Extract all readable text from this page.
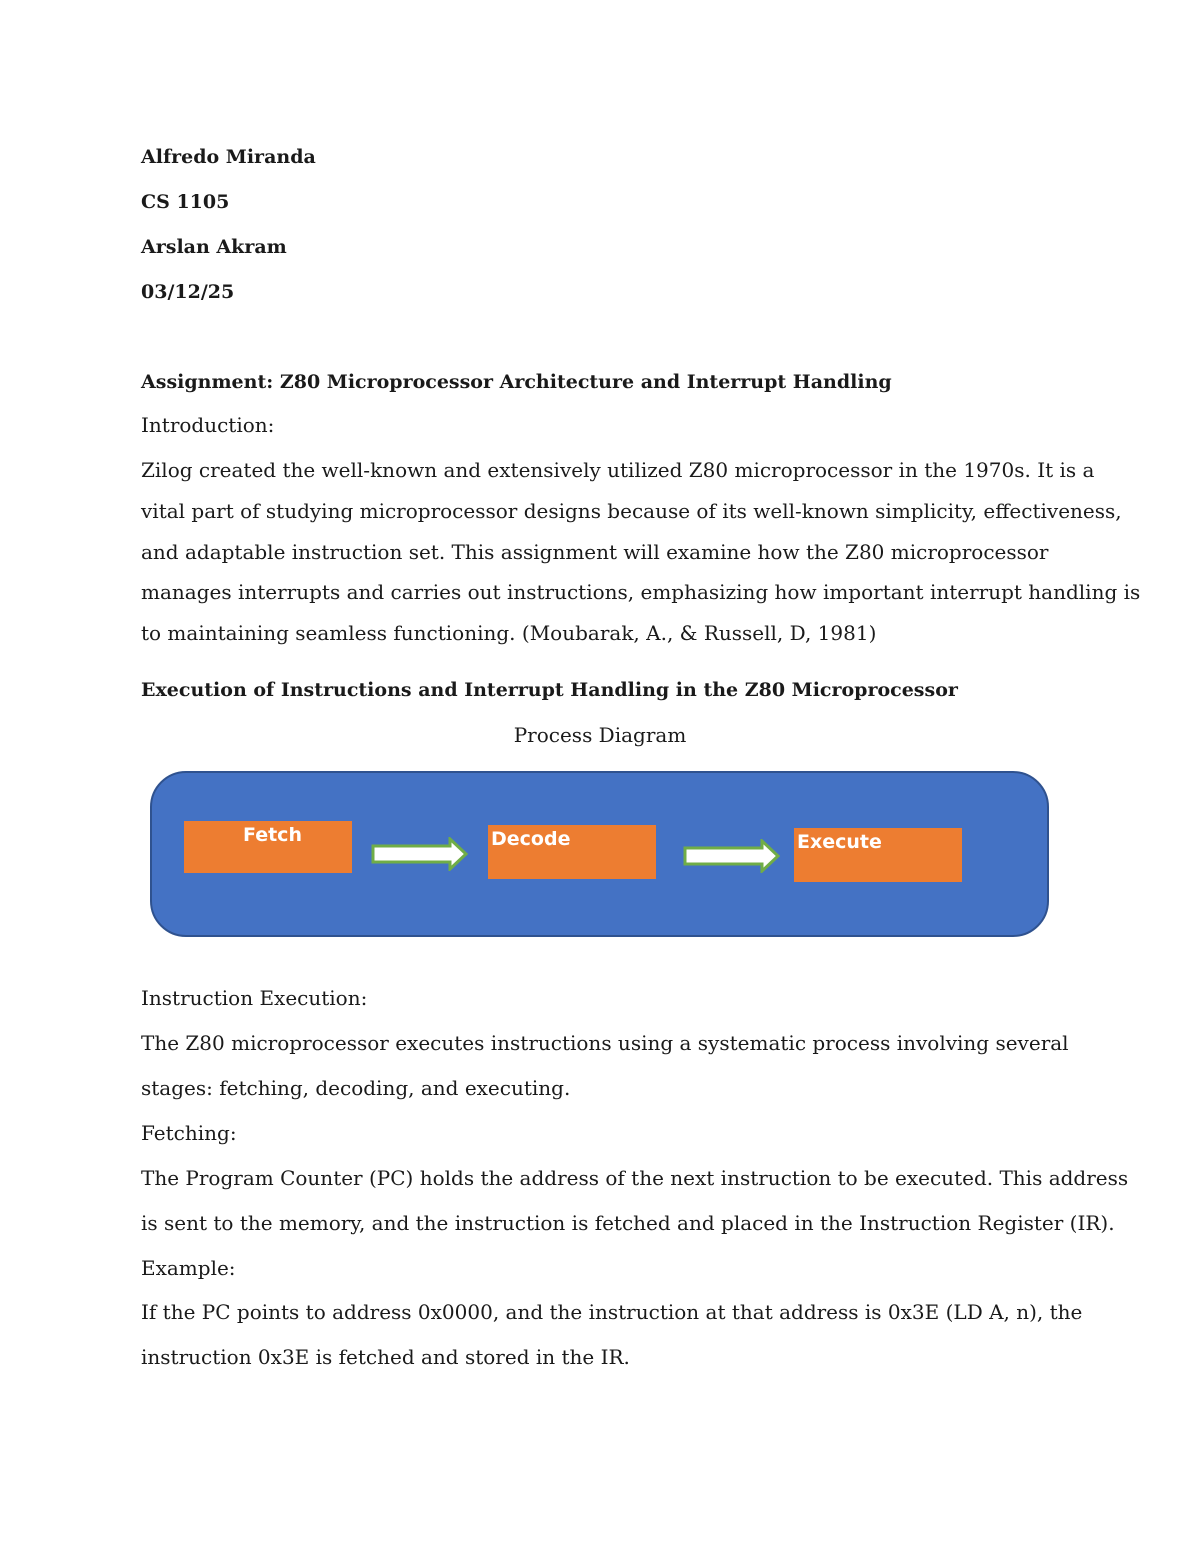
Alfredo Miranda
CS 1105
Arslan Akram
03/12/25
Assignment: Z80 Microprocessor Architecture and Interrupt Handling
Introduction:
Zilog created the well-known and extensively utilized Z80 microprocessor in the 1970s. It is a
vital part of studying microprocessor designs because of its well-known simplicity, effectiveness,
and adaptable instruction set. This assignment will examine how the Z80 microprocessor
manages interrupts and carries out instructions, emphasizing how important interrupt handling is
to maintaining seamless functioning. (Moubarak, A., & Russell, D, 1981)
Execution of Instructions and Interrupt Handling in the Z80 Microprocessor
Process Diagram
Fetch	Decode	Execute
Instruction Execution:
The Z80 microprocessor executes instructions using a systematic process involving several
stages: fetching, decoding, and executing.
Fetching:
The Program Counter (PC) holds the address of the next instruction to be executed. This address
is sent to the memory, and the instruction is fetched and placed in the Instruction Register (IR).
Example:
If the PC points to address 0x0000, and the instruction at that address is 0x3E (LD A, n), the
instruction 0x3E is fetched and stored in the IR.
